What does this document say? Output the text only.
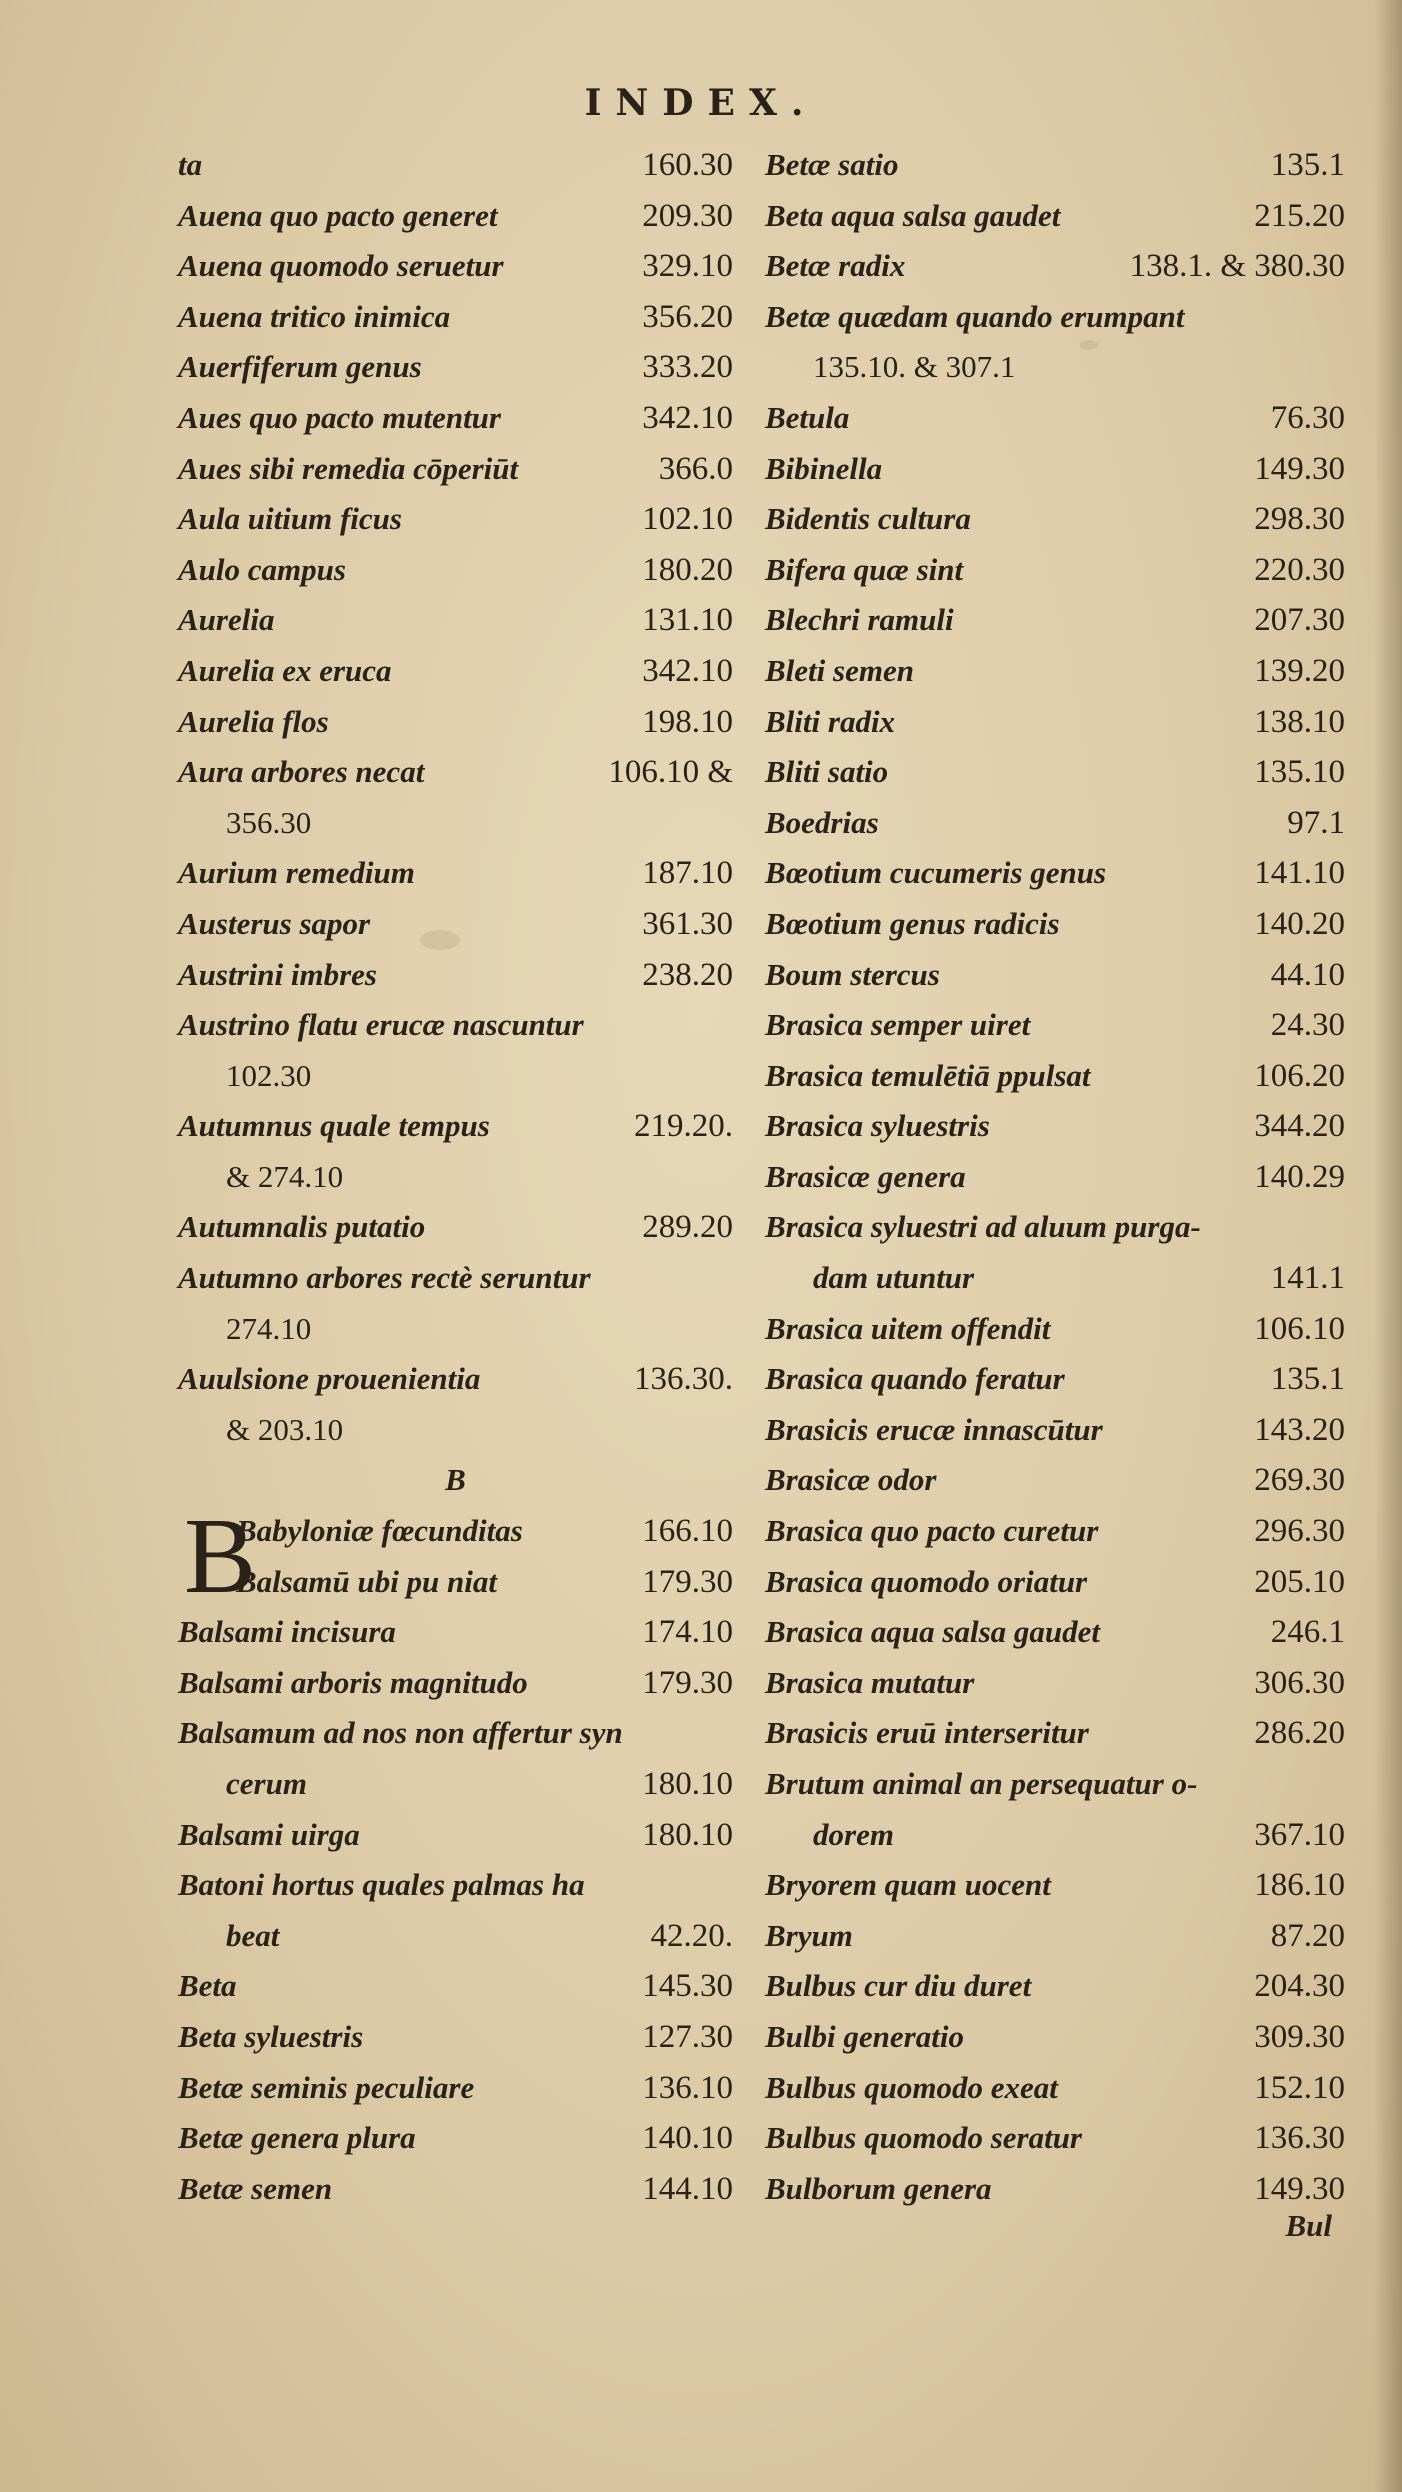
INDEX.
ta	160.30
Auena quo pacto generet	209.30
Auena quomodo seruetur	329.10
Auena tritico inimica	356.20
Auerfiferum genus	333.20
Aues quo pacto mutentur	342.10
Aues sibi remedia cōperiūt	366.0
Aula uitium ficus	102.10
Aulo campus	180.20
Aurelia	131.10
Aurelia ex eruca	342.10
Aurelia flos	198.10
Aura arbores necat	106.10 &
356.30
Aurium remedium	187.10
Austerus sapor	361.30
Austrini imbres	238.20
Austrino flatu erucæ nascuntur
102.30
Autumnus quale tempus	219.20.
& 274.10
Autumnalis putatio	289.20
Autumno arbores rectè seruntur
274.10
Auulsione prouenientia	136.30.
& 203.10
B
Babyloniæ fœcunditas	166.10
B
Balsamū ubi pu niat	179.30
Balsami incisura	174.10
Balsami arboris magnitudo	179.30
Balsamum ad nos non affertur syn
cerum	180.10
Balsami uirga	180.10
Batoni hortus quales palmas ha
beat	42.20.
Beta	145.30
Beta syluestris	127.30
Betæ seminis peculiare	136.10
Betæ genera plura	140.10
Betæ semen	144.10
Betæ satio	135.1
Beta aqua salsa gaudet	215.20
Betæ radix	138.1. & 380.30
Betæ quædam quando erumpant
135.10. & 307.1
Betula	76.30
Bibinella	149.30
Bidentis cultura	298.30
Bifera quæ sint	220.30
Blechri ramuli	207.30
Bleti semen	139.20
Bliti radix	138.10
Bliti satio	135.10
Boedrias	97.1
Bœotium cucumeris genus	141.10
Bœotium genus radicis	140.20
Boum stercus	44.10
Brasica semper uiret	24.30
Brasica temulētiā ppulsat	106.20
Brasica syluestris	344.20
Brasicæ genera	140.29
Brasica syluestri ad aluum purga-
dam utuntur	141.1
Brasica uitem offendit	106.10
Brasica quando feratur	135.1
Brasicis erucæ innascūtur	143.20
Brasicæ odor	269.30
Brasica quo pacto curetur	296.30
Brasica quomodo oriatur	205.10
Brasica aqua salsa gaudet	246.1
Brasica mutatur	306.30
Brasicis eruū interseritur	286.20
Brutum animal an persequatur o-
dorem	367.10
Bryorem quam uocent	186.10
Bryum	87.20
Bulbus cur diu duret	204.30
Bulbi generatio	309.30
Bulbus quomodo exeat	152.10
Bulbus quomodo seratur	136.30
Bulborum genera	149.30
Bul
